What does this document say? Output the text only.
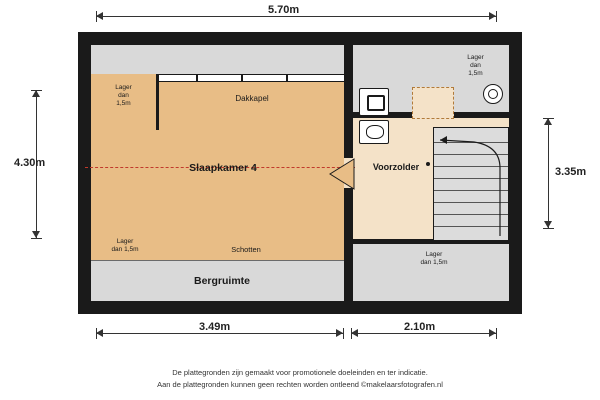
5.70m
4.30m
3.35m
3.49m	2.10m
Slaapkamer 4
Bergruimte
Voorzolder
Dakkapel
Schotten
Lager
dan
1,5m
Lager
dan
1,5m
Lager
dan 1,5m
Lager
dan 1,5m
De plattegronden zijn gemaakt voor promotionele doeleinden en ter indicatie.
Aan de plattegronden kunnen geen rechten worden ontleend ©makelaarsfotografen.nl
